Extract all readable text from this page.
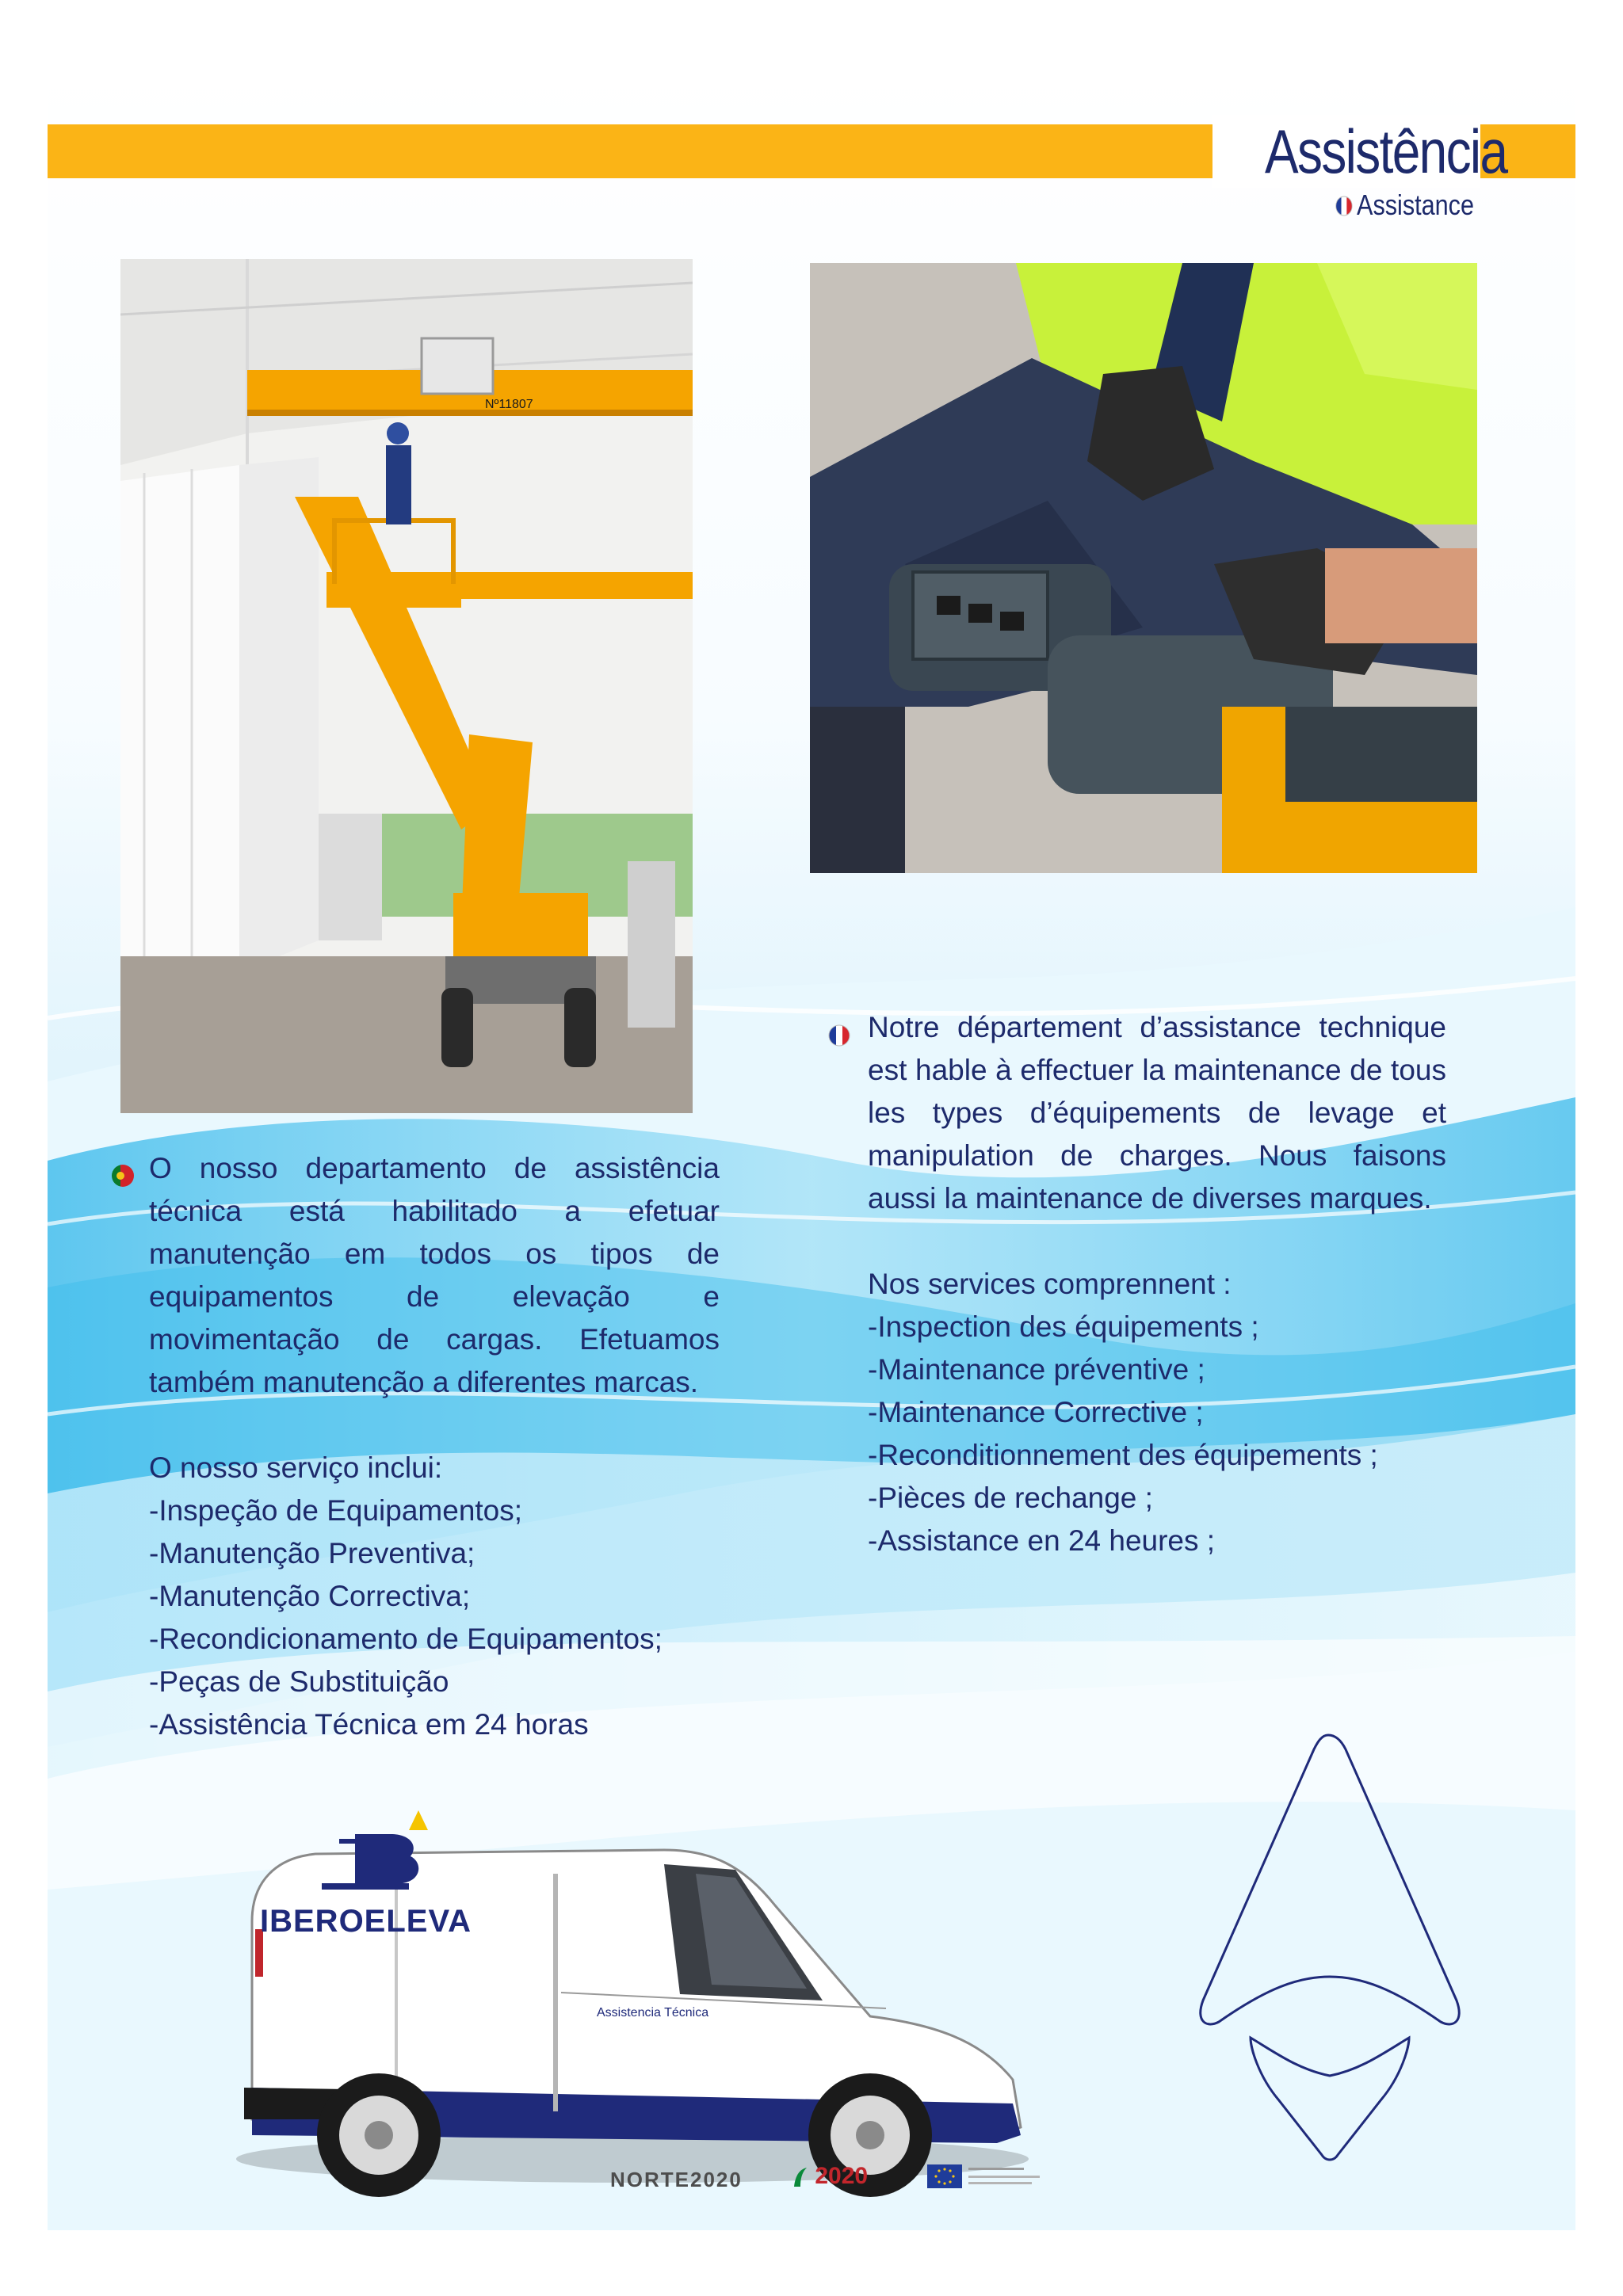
Assistência
Assistance
Nº11807

O nosso departamento de assistência técnica está habilitado a efetuar manutenção em todos os tipos de equipamentos de elevação e movimentação de cargas. Efetuamos também manutenção a diferentes marcas.

O nosso serviço inclui:
-Inspeção de Equipamentos;
-Manutenção Preventiva;
-Manutenção Correctiva;
-Recondicionamento de Equipamentos;
-Peças de Substituição
-Assistência Técnica em 24 horas

Notre département d’assistance technique est hable à effectuer la maintenance de tous les types d’équipements de levage et manipulation de charges. Nous faisons aussi la maintenance de diverses marques.

Nos services comprennent :
-Inspection des équipements ;
-Maintenance préventive ;
-Maintenance Corrective ;
-Reconditionnement des équipements ;
-Pièces de rechange ;
-Assistance en 24 heures ;
IBEROELEVA
Assistencia Técnica
NORTE2020	2020
